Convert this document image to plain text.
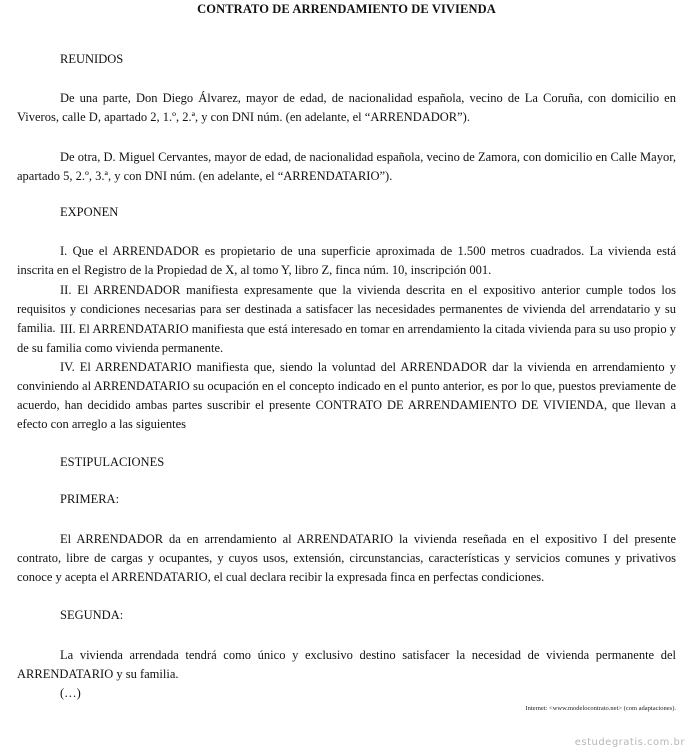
CONTRATO DE ARRENDAMIENTO DE VIVIENDA
REUNIDOS

De una parte, Don Diego Álvarez, mayor de edad, de nacionalidad española, vecino de La Coruña, con domicilio en Viveros, calle D, apartado 2, 1.º, 2.ª, y con DNI núm. (en adelante, el “ARRENDADOR”).

De otra, D. Miguel Cervantes, mayor de edad, de nacionalidad española, vecino de Zamora, con domicilio en Calle Mayor, apartado 5, 2.º, 3.ª, y con DNI núm. (en adelante, el “ARRENDATARIO”).

EXPONEN

I. Que el ARRENDADOR es propietario de una superficie aproximada de 1.500 metros cuadrados. La vivienda está inscrita en el Registro de la Propiedad de X, al tomo Y, libro Z, finca núm. 10, inscripción 001.

II. El ARRENDADOR manifiesta expresamente que la vivienda descrita en el expositivo anterior cumple todos los requisitos y condiciones necesarias para ser destinada a satisfacer las necesidades permanentes de vivienda del arrendatario y su familia. III. El ARRENDATARIO manifiesta que está interesado en tomar en arrendamiento la citada vivienda para su uso propio y de su familia como vivienda permanente.

IV. El ARRENDATARIO manifiesta que, siendo la voluntad del ARRENDADOR dar la vivienda en arrendamiento y conviniendo al ARRENDATARIO su ocupación en el concepto indicado en el punto anterior, es por lo que, puestos previamente de acuerdo, han decidido ambas partes suscribir el presente CONTRATO DE ARRENDAMIENTO DE VIVIENDA, que llevan a efecto con arreglo a las siguientes

ESTIPULACIONES
PRIMERA:

El ARRENDADOR da en arrendamiento al ARRENDATARIO la vivienda reseñada en el expositivo I del presente contrato, libre de cargas y ocupantes, y cuyos usos, extensión, circunstancias, características y servicios comunes y privativos conoce y acepta el ARRENDATARIO, el cual declara recibir la expresada finca en perfectas condiciones.

SEGUNDA:

La vivienda arrendada tendrá como único y exclusivo destino satisfacer la necesidad de vivienda permanente del ARRENDATARIO y su familia.

(…)
Internet: <www.modelocontrato.net> (com adaptaciones).
estudegratis.com.br
